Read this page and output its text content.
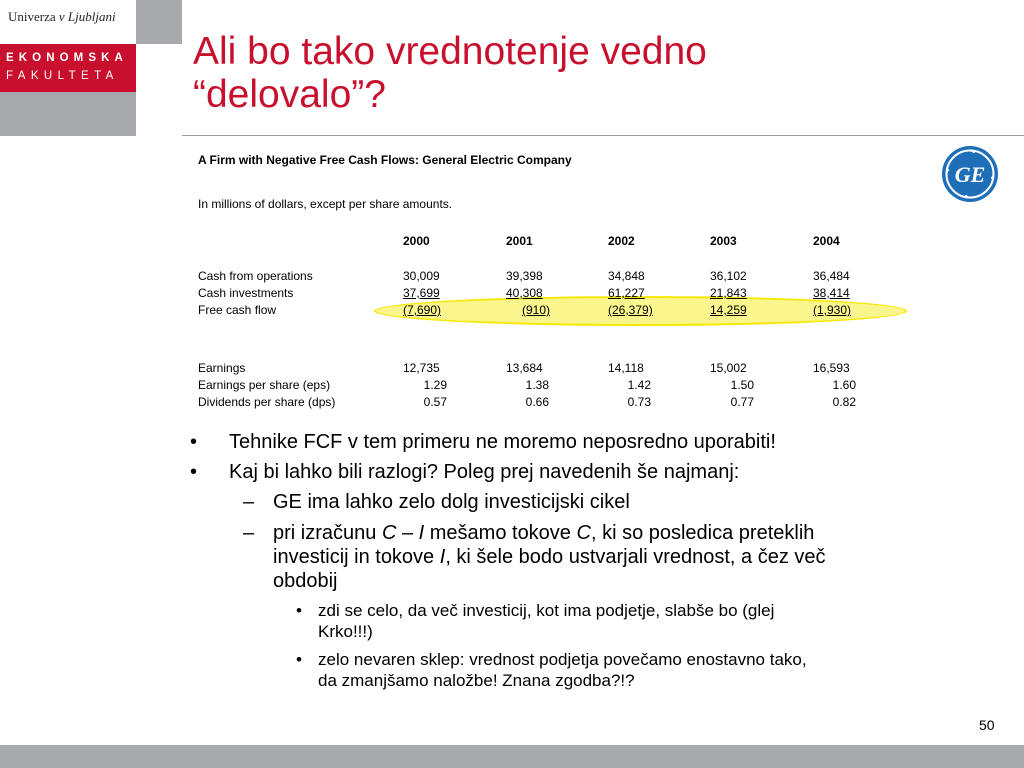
Univerza v Ljubljani
EKONOMSKA
FAKULTETA
Ali bo tako vrednotenje vedno
“delovalo”?
GE
A Firm with Negative Free Cash Flows: General Electric Company
In millions of dollars, except per share amounts.
2000	2001	2002	2003	2004
Cash from operations	30,009	39,398	34,848	36,102	36,484
Cash investments	37,699	40,308	61,227	21,843	38,414
Free cash flow	(7,690)	(910)	(26,379)	14,259	(1,930)
Earnings	12,735	13,684	14,118	15,002	16,593
Earnings per share (eps)	1.29	1.38	1.42	1.50	1.60
Dividends per share (dps)	0.57	0.66	0.73	0.77	0.82
• Tehnike FCF v tem primeru ne moremo neposredno uporabiti!
• Kaj bi lahko bili razlogi? Poleg prej navedenih še najmanj:
– GE ima lahko zelo dolg investicijski cikel
– pri izračunu C – I mešamo tokove C, ki so posledica preteklih
investicij in tokove I, ki šele bodo ustvarjali vrednost, a čez več
obdobij
• zdi se celo, da več investicij, kot ima podjetje, slabše bo (glej
Krko!!!)
• zelo nevaren sklep: vrednost podjetja povečamo enostavno tako,
da zmanjšamo naložbe! Znana zgodba?!?
50
